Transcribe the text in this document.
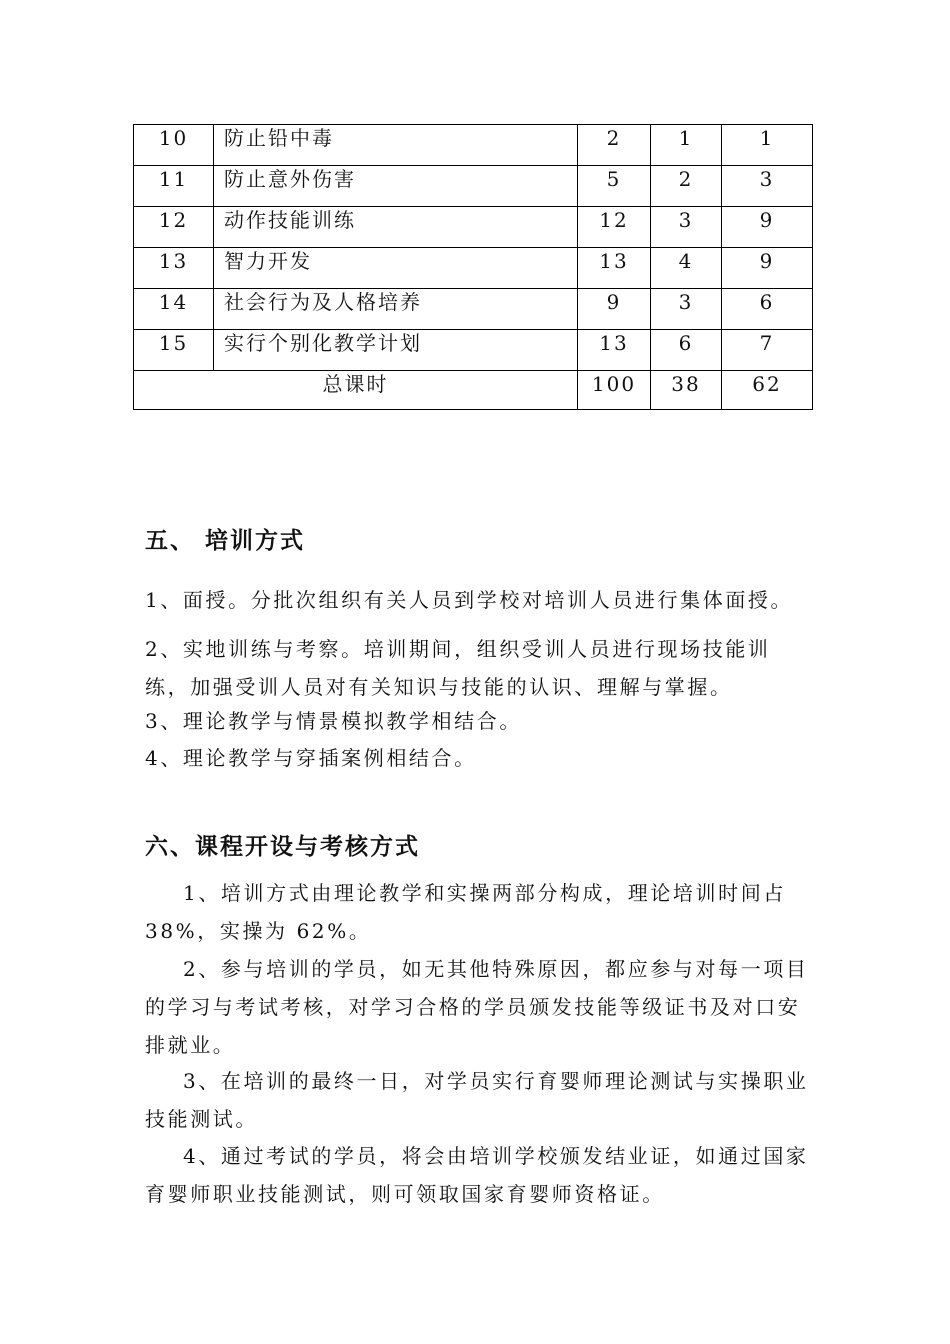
10	防止铅中毒	2	1	1
11	防止意外伤害	5	2	3
12	动作技能训练	12	3	9
13	智力开发	13	4	9
14	社会行为及人格培养	9	3	6
15	实行个别化教学计划	13	6	7
总课时		100	38	62
五、 培训方式

1、面授。分批次组织有关人员到学校对培训人员进行集体面授。

2、实地训练与考察。培训期间，组织受训人员进行现场技能训练，加强受训人员对有关知识与技能的认识、理解与掌握。

3、理论教学与情景模拟教学相结合。

4、理论教学与穿插案例相结合。

六、课程开设与考核方式

1、培训方式由理论教学和实操两部分构成，理论培训时间占 38%，实操为 62%。

2、参与培训的学员，如无其他特殊原因，都应参与对每一项目的学习与考试考核，对学习合格的学员颁发技能等级证书及对口安排就业。

3、在培训的最终一日，对学员实行育婴师理论测试与实操职业技能测试。

4、通过考试的学员，将会由培训学校颁发结业证，如通过国家育婴师职业技能测试，则可领取国家育婴师资格证。
